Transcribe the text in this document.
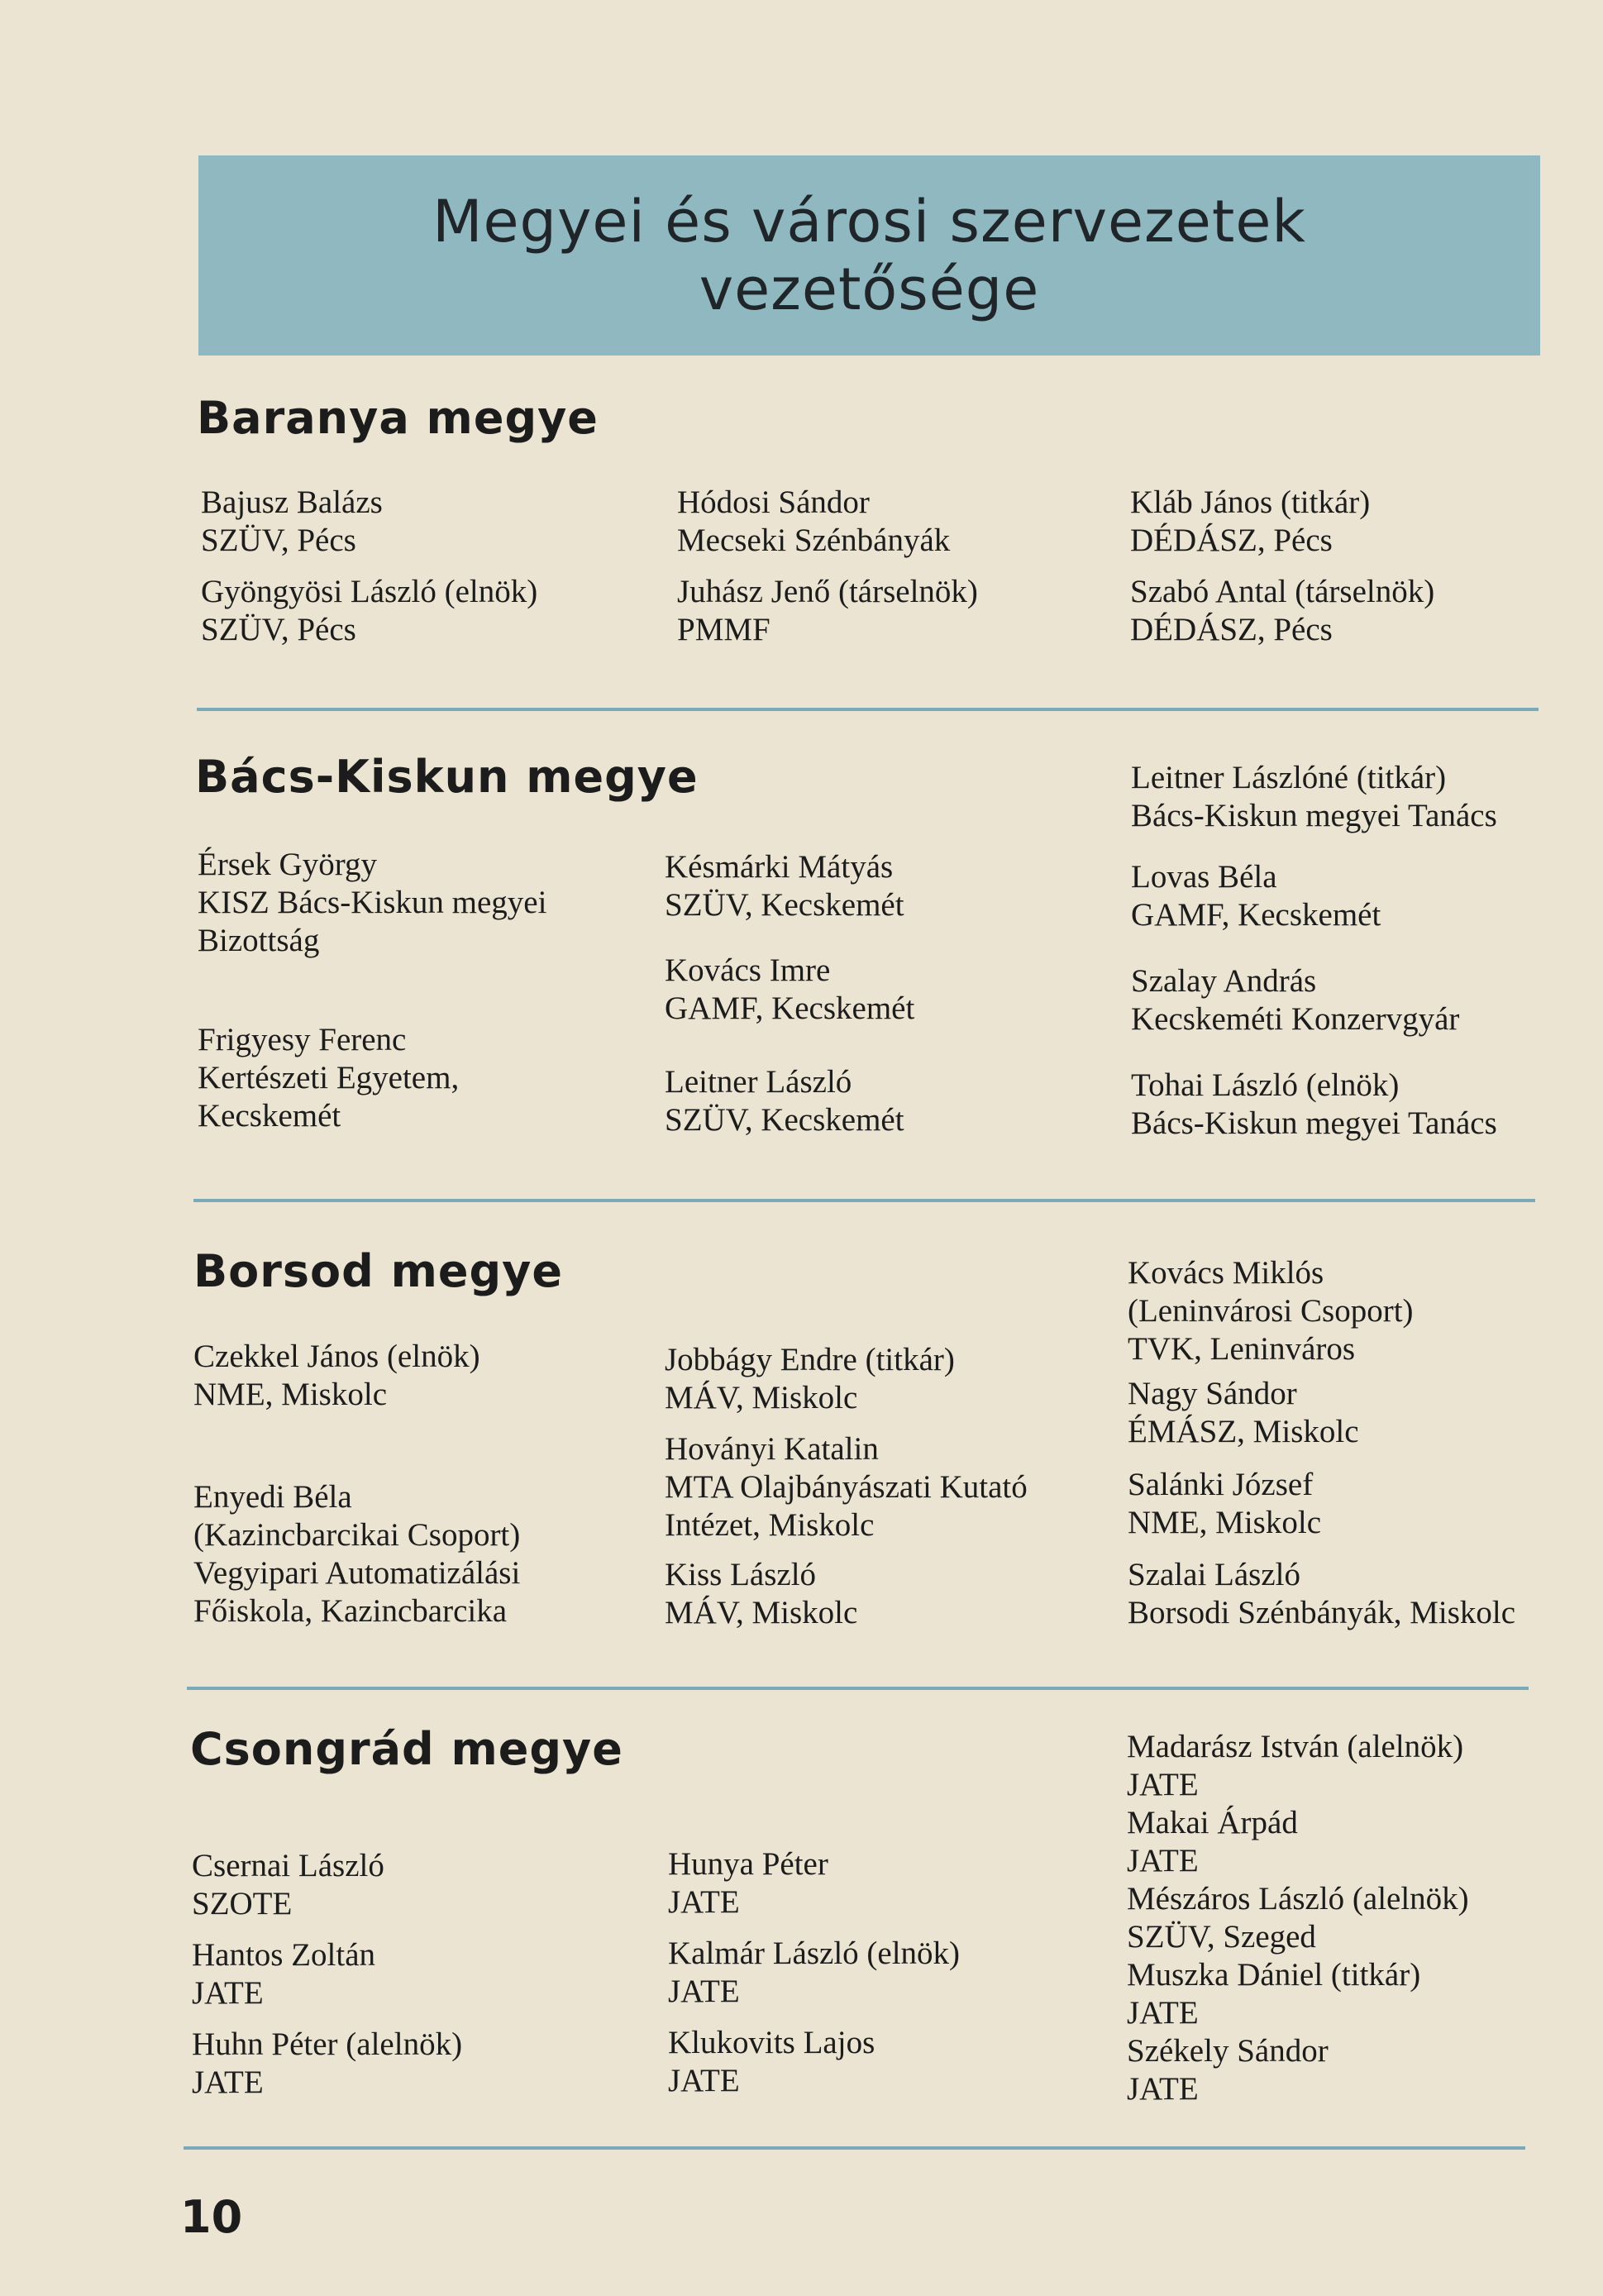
Megyei és városi szervezetek
vezetősége
Baranya megye
Bajusz Balázs
SZÜV, Pécs
Gyöngyösi László (elnök)
SZÜV, Pécs
Hódosi Sándor
Mecseki Szénbányák
Juhász Jenő (társelnök)
PMMF
Kláb János (titkár)
DÉDÁSZ, Pécs
Szabó Antal (társelnök)
DÉDÁSZ, Pécs
Bács-Kiskun megye
Érsek György
KISZ Bács-Kiskun megyei
Bizottság
Frigyesy Ferenc
Kertészeti Egyetem,
Kecskemét
Késmárki Mátyás
SZÜV, Kecskemét
Kovács Imre
GAMF, Kecskemét
Leitner László
SZÜV, Kecskemét
Leitner Lászlóné (titkár)
Bács-Kiskun megyei Tanács
Lovas Béla
GAMF, Kecskemét
Szalay András
Kecskeméti Konzervgyár
Tohai László (elnök)
Bács-Kiskun megyei Tanács
Borsod megye
Czekkel János (elnök)
NME, Miskolc
Enyedi Béla
(Kazincbarcikai Csoport)
Vegyipari Automatizálási
Főiskola, Kazincbarcika
Jobbágy Endre (titkár)
MÁV, Miskolc
Hoványi Katalin
MTA Olajbányászati Kutató
Intézet, Miskolc
Kiss László
MÁV, Miskolc
Kovács Miklós
(Leninvárosi Csoport)
TVK, Leninváros
Nagy Sándor
ÉMÁSZ, Miskolc
Salánki József
NME, Miskolc
Szalai László
Borsodi Szénbányák, Miskolc
Csongrád megye
Csernai László
SZOTE
Hantos Zoltán
JATE
Huhn Péter (alelnök)
JATE
Hunya Péter
JATE
Kalmár László (elnök)
JATE
Klukovits Lajos
JATE
Madarász István (alelnök)
JATE
Makai Árpád
JATE
Mészáros László (alelnök)
SZÜV, Szeged
Muszka Dániel (titkár)
JATE
Székely Sándor
JATE
10
